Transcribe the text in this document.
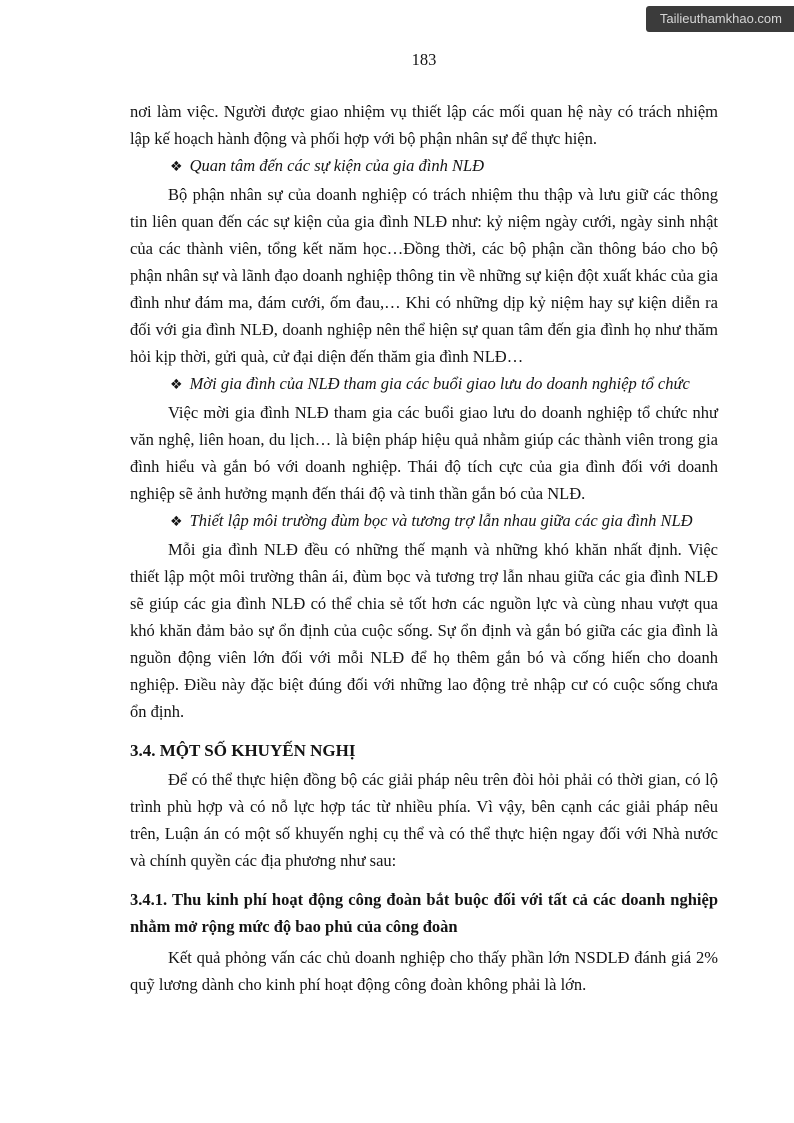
Tailieuthamkhao.com
183

nơi làm việc. Người được giao nhiệm vụ thiết lập các mối quan hệ này có trách nhiệm lập kế hoạch hành động và phối hợp với bộ phận nhân sự để thực hiện.

❖ Quan tâm đến các sự kiện của gia đình NLĐ

Bộ phận nhân sự của doanh nghiệp có trách nhiệm thu thập và lưu giữ các thông tin liên quan đến các sự kiện của gia đình NLĐ như: kỷ niệm ngày cưới, ngày sinh nhật của các thành viên, tổng kết năm học…Đồng thời, các bộ phận cần thông báo cho bộ phận nhân sự và lãnh đạo doanh nghiệp thông tin về những sự kiện đột xuất khác của gia đình như đám ma, đám cưới, ốm đau,… Khi có những dịp kỷ niệm hay sự kiện diễn ra đối với gia đình NLĐ, doanh nghiệp nên thể hiện sự quan tâm đến gia đình họ như thăm hỏi kịp thời, gửi quà, cử đại diện đến thăm gia đình NLĐ…

❖ Mời gia đình của NLĐ tham gia các buổi giao lưu do doanh nghiệp tổ chức

Việc mời gia đình NLĐ tham gia các buổi giao lưu do doanh nghiệp tổ chức như văn nghệ, liên hoan, du lịch… là biện pháp hiệu quả nhằm giúp các thành viên trong gia đình hiểu và gắn bó với doanh nghiệp. Thái độ tích cực của gia đình đối với doanh nghiệp sẽ ảnh hưởng mạnh đến thái độ và tinh thần gắn bó của NLĐ.

❖ Thiết lập môi trường đùm bọc và tương trợ lẫn nhau giữa các gia đình NLĐ

Mỗi gia đình NLĐ đều có những thế mạnh và những khó khăn nhất định. Việc thiết lập một môi trường thân ái, đùm bọc và tương trợ lẫn nhau giữa các gia đình NLĐ sẽ giúp các gia đình NLĐ có thể chia sẻ tốt hơn các nguồn lực và cùng nhau vượt qua khó khăn đảm bảo sự ổn định của cuộc sống. Sự ổn định và gắn bó giữa các gia đình là nguồn động viên lớn đối với mỗi NLĐ để họ thêm gắn bó và cống hiến cho doanh nghiệp. Điều này đặc biệt đúng đối với những lao động trẻ nhập cư có cuộc sống chưa ổn định.

3.4. MỘT SỐ KHUYẾN NGHỊ

Để có thể thực hiện đồng bộ các giải pháp nêu trên đòi hỏi phải có thời gian, có lộ trình phù hợp và có nỗ lực hợp tác từ nhiều phía. Vì vậy, bên cạnh các giải pháp nêu trên, Luận án có một số khuyến nghị cụ thể và có thể thực hiện ngay đối với Nhà nước và chính quyền các địa phương như sau:

3.4.1. Thu kinh phí hoạt động công đoàn bắt buộc đối với tất cả các doanh nghiệp nhằm mở rộng mức độ bao phủ của công đoàn

Kết quả phỏng vấn các chủ doanh nghiệp cho thấy phần lớn NSDLĐ đánh giá 2% quỹ lương dành cho kinh phí hoạt động công đoàn không phải là lớn.
